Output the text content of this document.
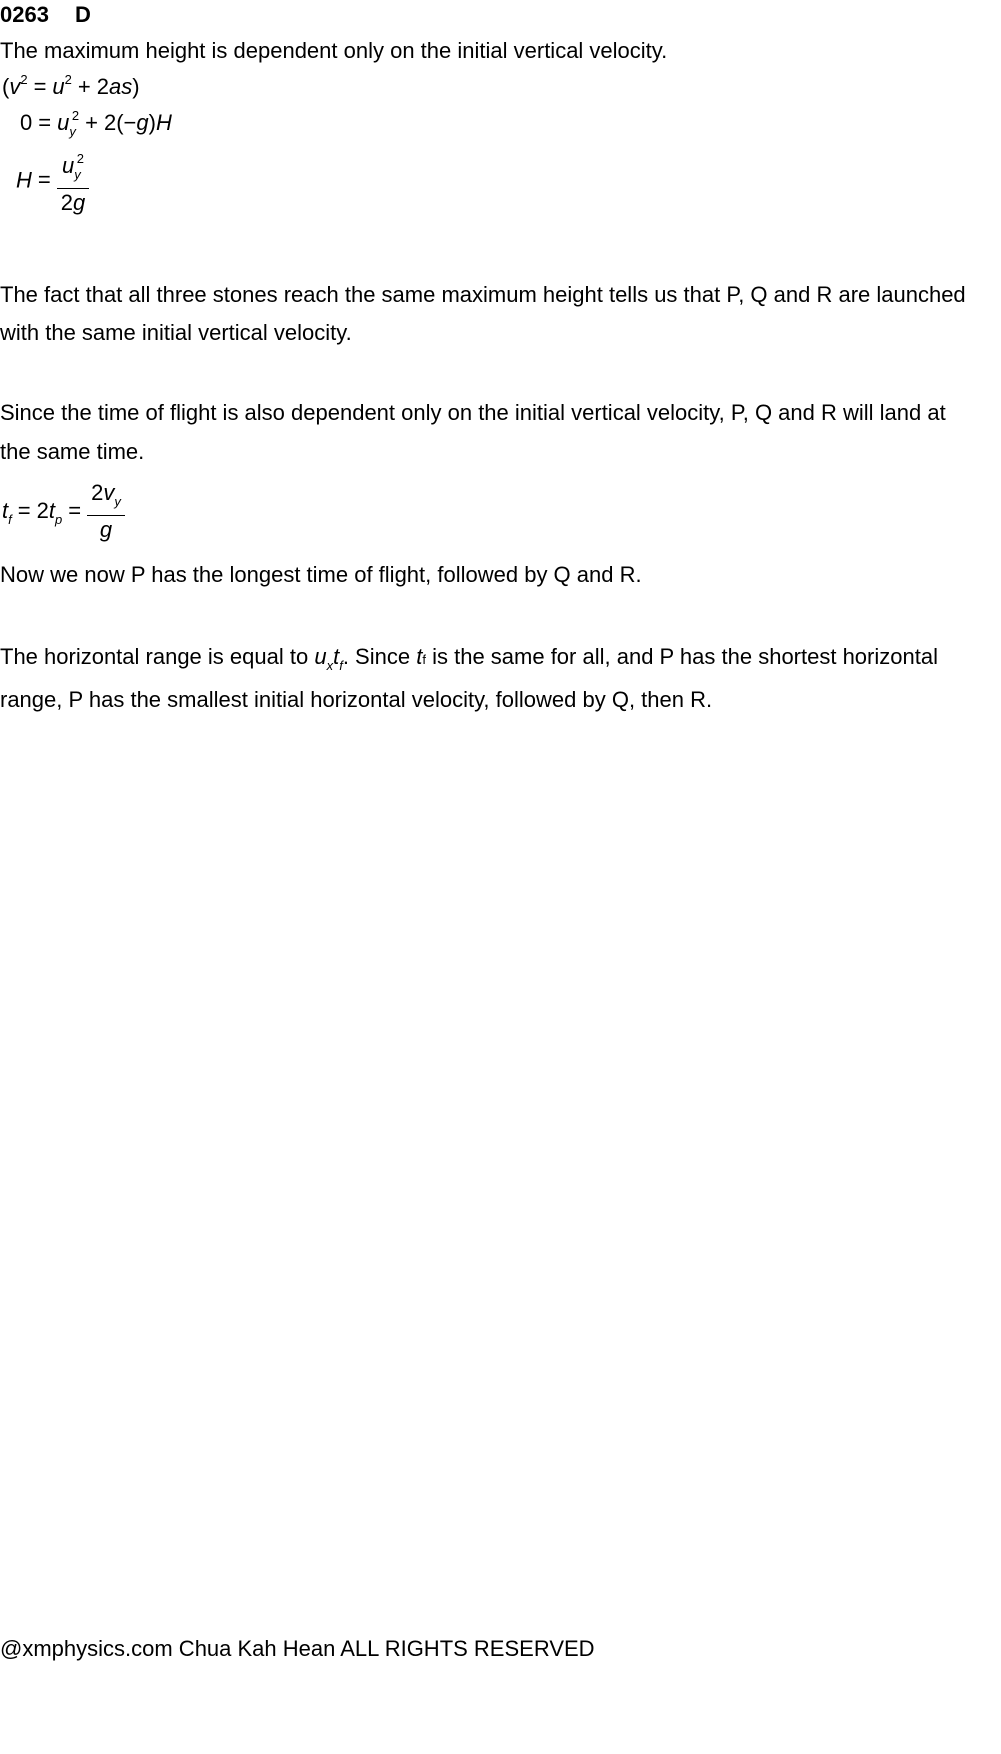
0263 D
The maximum height is dependent only on the initial vertical velocity.
$(v^2 = u^2 + 2as)$
$0 = u_y^2 + 2(-g)H$
$H = \frac{u_y^2}{2g}$
The fact that all three stones reach the same maximum height tells us that P, Q and R are launched
with the same initial vertical velocity.
Since the time of flight is also dependent only on the initial vertical velocity, P, Q and R will land at
the same time.
$t_f = 2t_p = \frac{2v_y}{g}$
Now we now P has the longest time of flight, followed by Q and R.
The horizontal range is equal to $u_xt_f$. Since tf is the same for all, and P has the shortest horizontal
range, P has the smallest initial horizontal velocity, followed by Q, then R.
@xmphysics.com Chua Kah Hean ALL RIGHTS RESERVED
